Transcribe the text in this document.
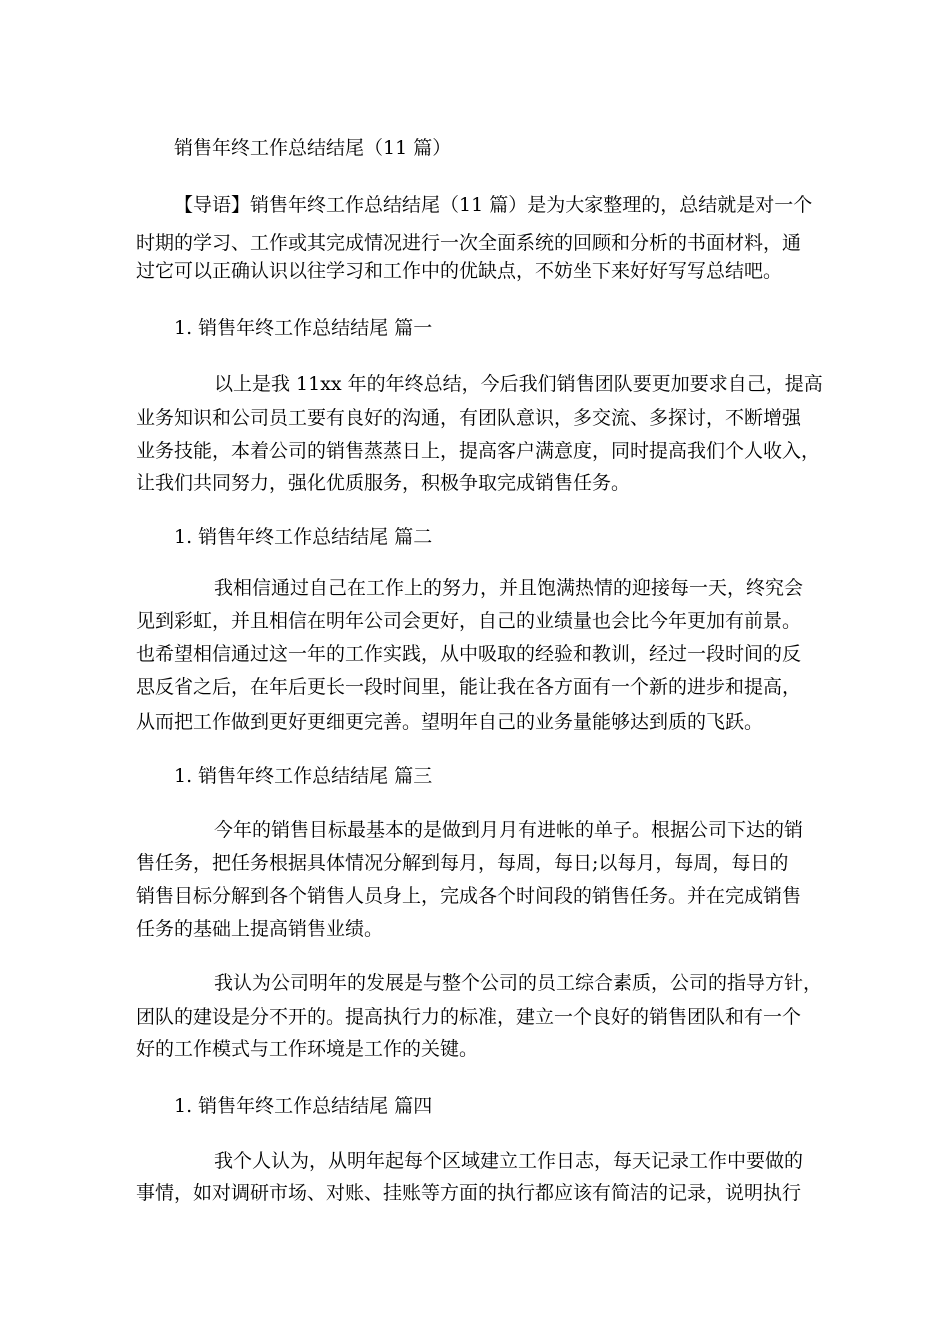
销售年终工作总结结尾（11 篇）

【导语】销售年终工作总结结尾（11 篇）是为大家整理的，总结就是对一个

时期的学习、工作或其完成情况进行一次全面系统的回顾和分析的书面材料，通

过它可以正确认识以往学习和工作中的优缺点，不妨坐下来好好写写总结吧。

1. 销售年终工作总结结尾 篇一

以上是我 11xx 年的年终总结，今后我们销售团队要更加要求自己，提高

业务知识和公司员工要有良好的沟通，有团队意识，多交流、多探讨，不断增强

业务技能，本着公司的销售蒸蒸日上，提高客户满意度，同时提高我们个人收入，

让我们共同努力，强化优质服务，积极争取完成销售任务。

1. 销售年终工作总结结尾 篇二

我相信通过自己在工作上的努力，并且饱满热情的迎接每一天，终究会

见到彩虹，并且相信在明年公司会更好，自己的业绩量也会比今年更加有前景。

也希望相信通过这一年的工作实践，从中吸取的经验和教训，经过一段时间的反

思反省之后，在年后更长一段时间里，能让我在各方面有一个新的进步和提高，

从而把工作做到更好更细更完善。望明年自己的业务量能够达到质的飞跃。

1. 销售年终工作总结结尾 篇三

今年的销售目标最基本的是做到月月有进帐的单子。根据公司下达的销

售任务，把任务根据具体情况分解到每月，每周，每日;以每月，每周，每日的

销售目标分解到各个销售人员身上，完成各个时间段的销售任务。并在完成销售

任务的基础上提高销售业绩。

我认为公司明年的发展是与整个公司的员工综合素质，公司的指导方针，

团队的建设是分不开的。提高执行力的标准，建立一个良好的销售团队和有一个

好的工作模式与工作环境是工作的关键。

1. 销售年终工作总结结尾 篇四

我个人认为，从明年起每个区域建立工作日志，每天记录工作中要做的

事情，如对调研市场、对账、挂账等方面的执行都应该有简洁的记录，说明执行
